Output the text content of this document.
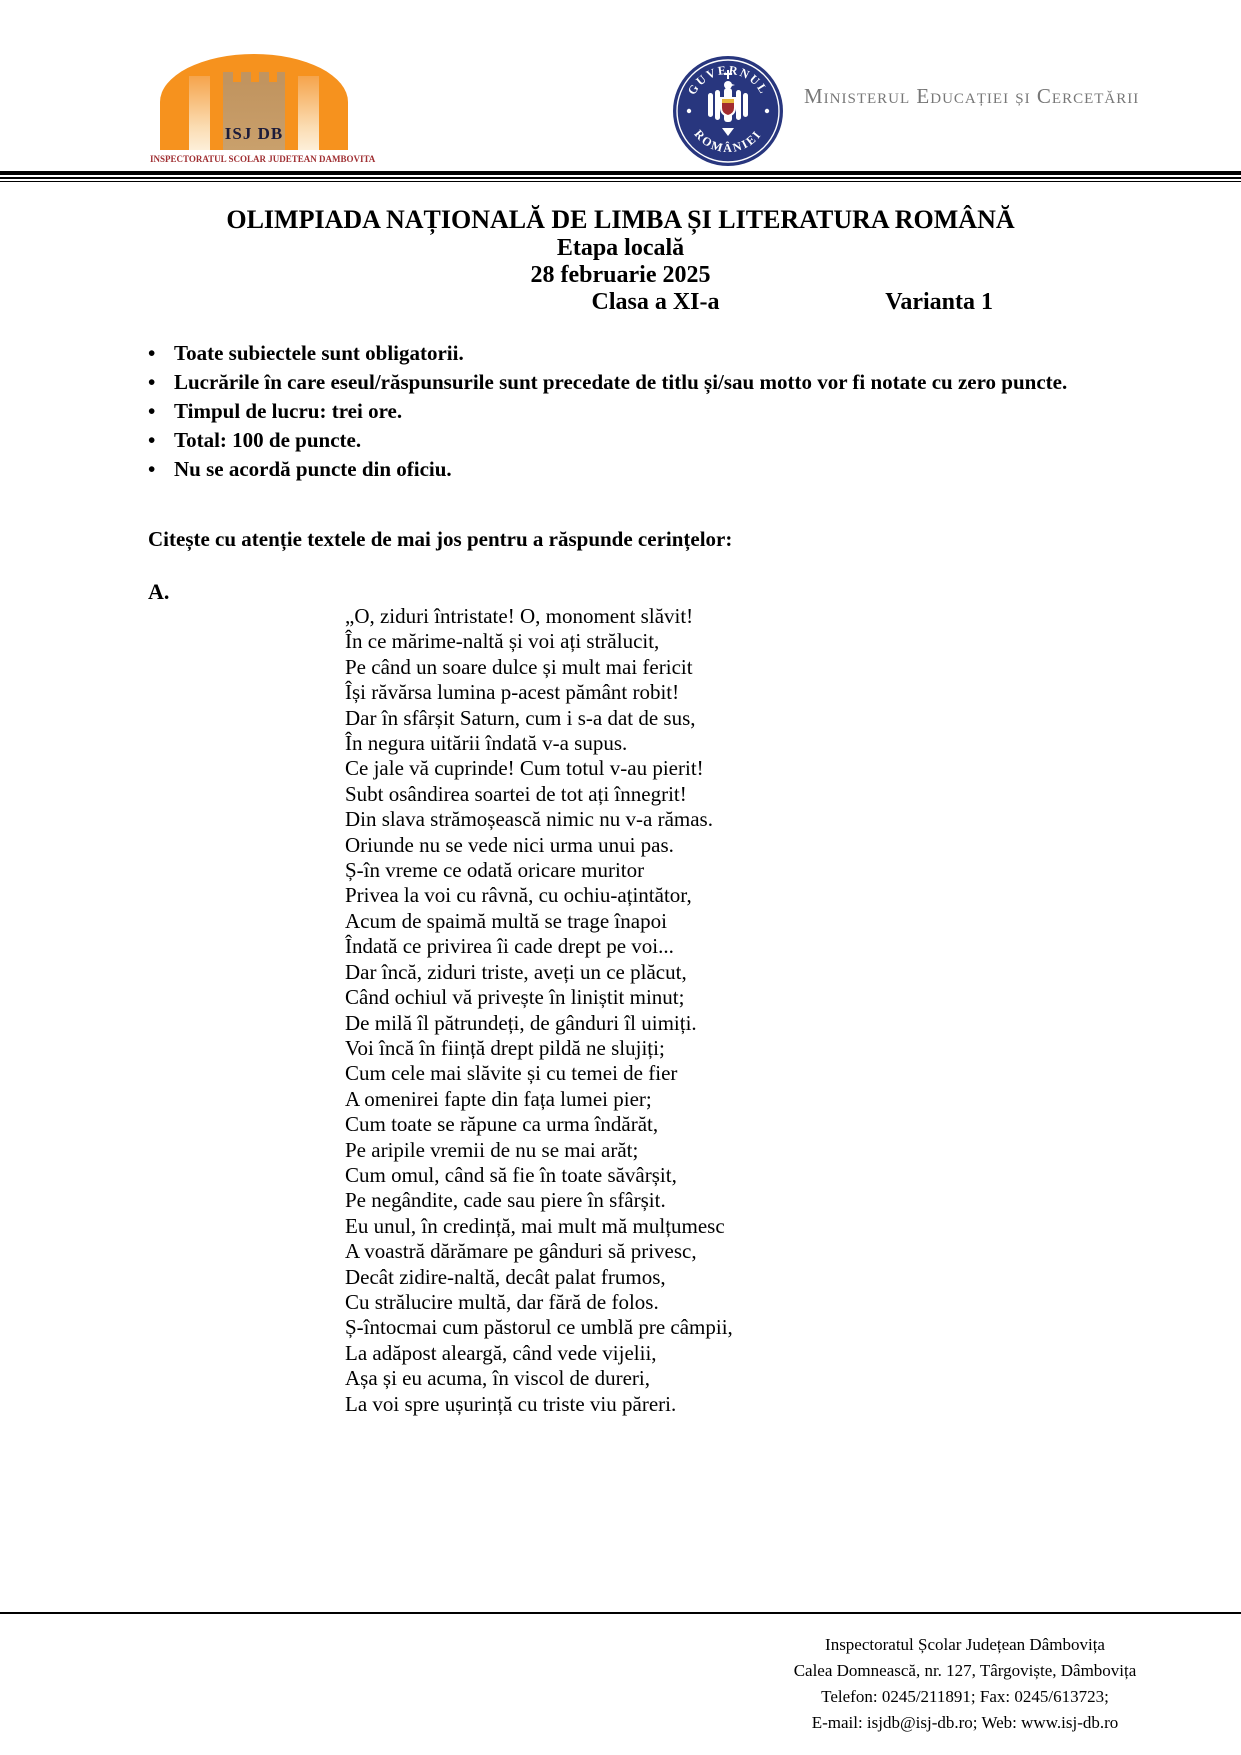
ISJ DB
INSPECTORATUL SCOLAR JUDETEAN DAMBOVITA
GUVERNUL
ROMÂNIEI
Ministerul Educației și Cercetării
OLIMPIADA NAȚIONALĂ DE LIMBA ȘI LITERATURA ROMÂNĂ
Etapa locală
28 februarie 2025
Clasa a XI-a	Varianta 1
• Toate subiectele sunt obligatorii.
• Lucrările în care eseul/răspunsurile sunt precedate de titlu și/sau motto vor fi notate cu zero puncte.
• Timpul de lucru: trei ore.
• Total: 100 de puncte.
• Nu se acordă puncte din oficiu.
Citește cu atenție textele de mai jos pentru a răspunde cerințelor:
A.
„O, ziduri întristate! O, monoment slăvit!
În ce mărime-naltă și voi ați strălucit,
Pe când un soare dulce și mult mai fericit
Își răvărsa lumina p-acest pământ robit!
Dar în sfârșit Saturn, cum i s-a dat de sus,
În negura uitării îndată v-a supus.
Ce jale vă cuprinde! Cum totul v-au pierit!
Subt osândirea soartei de tot ați înnegrit!
Din slava strămoșească nimic nu v-a rămas.
Oriunde nu se vede nici urma unui pas.
Ș-în vreme ce odată oricare muritor
Privea la voi cu râvnă, cu ochiu-ațintător,
Acum de spaimă multă se trage înapoi
Îndată ce privirea îi cade drept pe voi...
Dar încă, ziduri triste, aveți un ce plăcut,
Când ochiul vă privește în liniștit minut;
De milă îl pătrundeți, de gânduri îl uimiți.
Voi încă în ființă drept pildă ne slujiți;
Cum cele mai slăvite și cu temei de fier
A omenirei fapte din fața lumei pier;
Cum toate se răpune ca urma îndărăt,
Pe aripile vremii de nu se mai arăt;
Cum omul, când să fie în toate săvârșit,
Pe negândite, cade sau piere în sfârșit.
Eu unul, în credință, mai mult mă mulțumesc
A voastră dărămare pe gânduri să privesc,
Decât zidire-naltă, decât palat frumos,
Cu strălucire multă, dar fără de folos.
Ș-întocmai cum păstorul ce umblă pre câmpii,
La adăpost aleargă, când vede vijelii,
Așa și eu acuma, în viscol de dureri,
La voi spre ușurință cu triste viu păreri.
Inspectoratul Școlar Județean Dâmbovița
Calea Domnească, nr. 127, Târgoviște, Dâmbovița
Telefon: 0245/211891; Fax: 0245/613723;
E-mail: isjdb@isj-db.ro; Web: www.isj-db.ro
